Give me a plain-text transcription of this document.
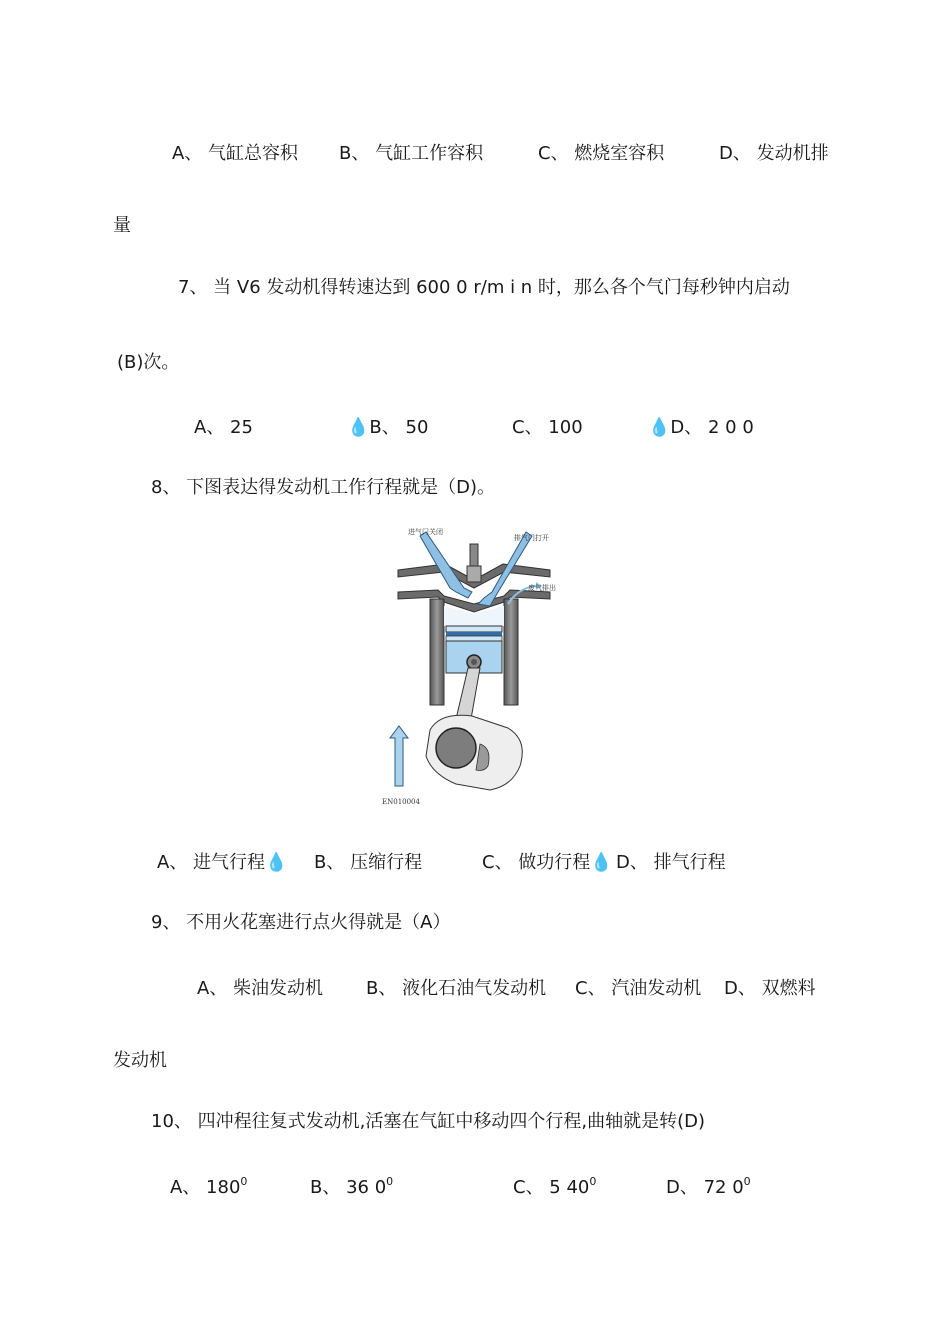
A、 气缸总容积 B、 气缸工作容积	C、 燃烧室容积	D、 发动机排
量
7、 当 V6 发动机得转速达到 600 0 r/m i n 时，那么各个气门每秒钟内启动
(B)次。
A、 25	💧B、 50	C、 100	💧D、 2 0 0
8、 下图表达得发动机工作行程就是（D)。
进气门关闭
排气门打开
废气排出
EN010004
A、 进气行程💧 B、 压缩行程	C、 做功行程💧 D、 排气行程
9、 不用火花塞进行点火得就是（A）
A、 柴油发动机 B、 液化石油气发动机 C、 汽油发动机 D、 双燃料
发动机
10、 四冲程往复式发动机,活塞在气缸中移动四个行程,曲轴就是转(D)
A、 $180^0$	B、 36 $0^0$	C、 5 $40^0$	D、 72 $0^0$
